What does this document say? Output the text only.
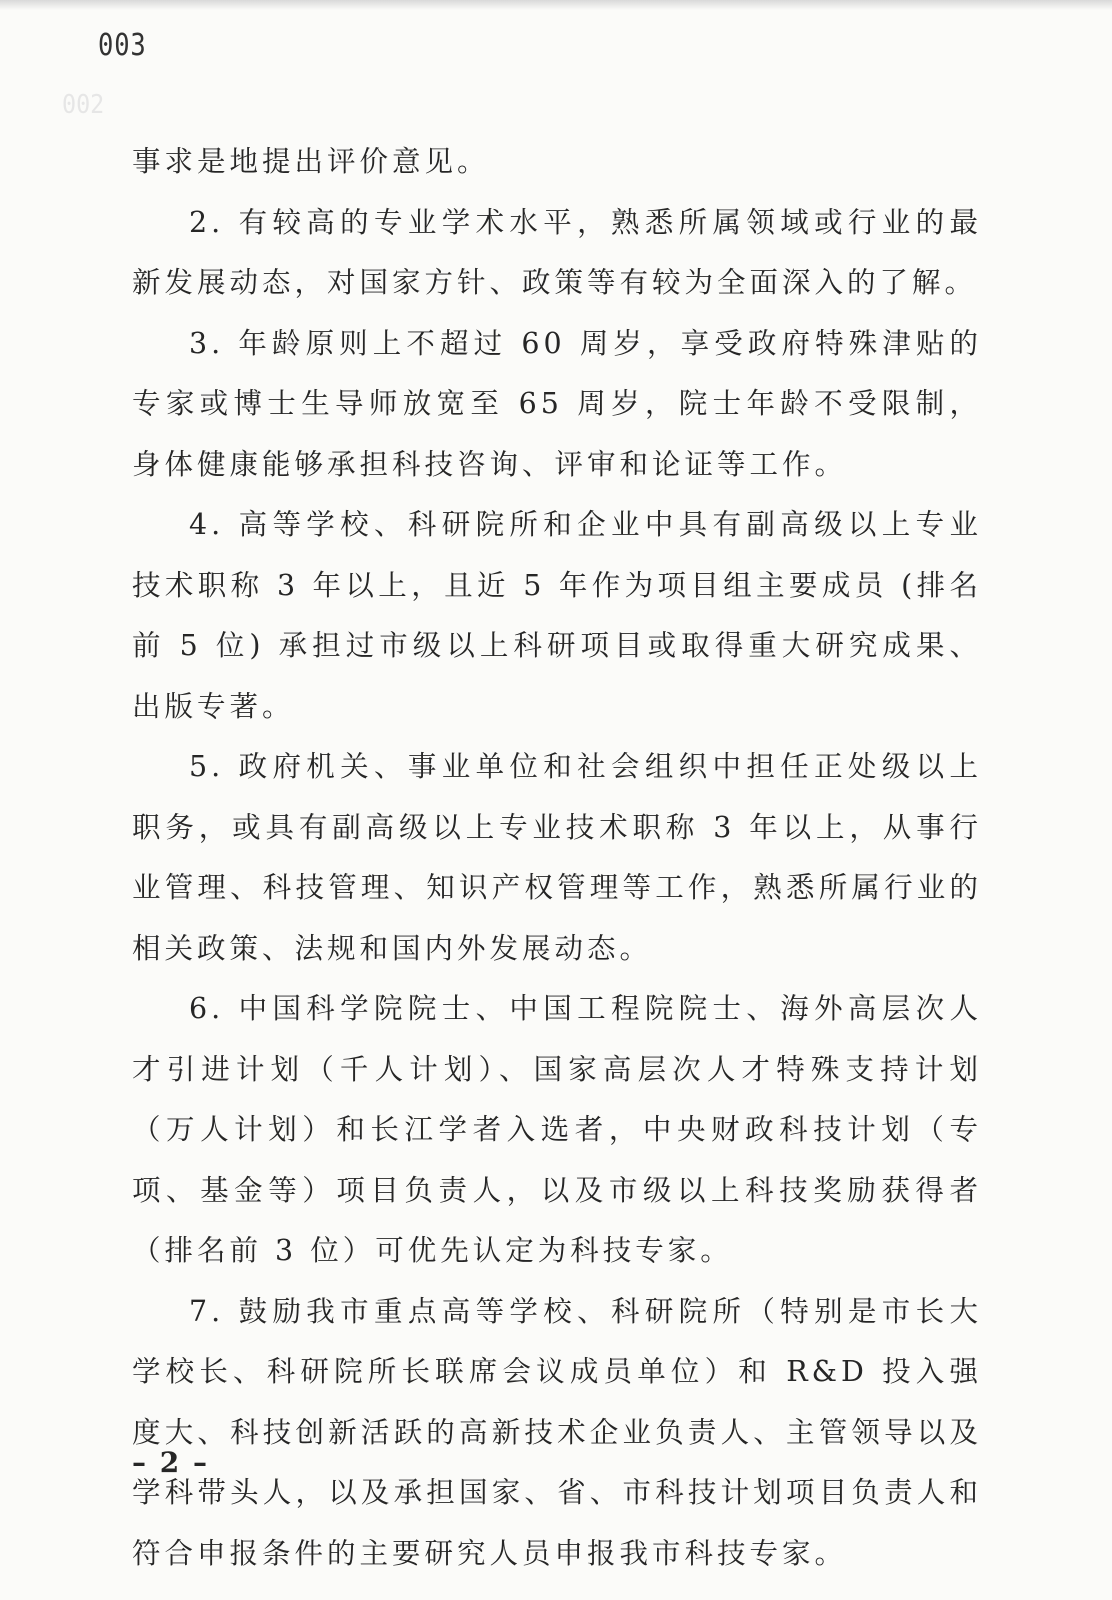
003
002

事求是地提出评价意见。

2. 有较高的专业学术水平，熟悉所属领域或行业的最新发展动态，对国家方针、政策等有较为全面深入的了解。

3. 年龄原则上不超过 60 周岁，享受政府特殊津贴的专家或博士生导师放宽至 65 周岁，院士年龄不受限制，身体健康能够承担科技咨询、评审和论证等工作。

4. 高等学校、科研院所和企业中具有副高级以上专业技术职称 3 年以上，且近 5 年作为项目组主要成员 (排名前 5 位) 承担过市级以上科研项目或取得重大研究成果、出版专著。

5. 政府机关、事业单位和社会组织中担任正处级以上职务，或具有副高级以上专业技术职称 3 年以上，从事行业管理、科技管理、知识产权管理等工作，熟悉所属行业的相关政策、法规和国内外发展动态。

6. 中国科学院院士、中国工程院院士、海外高层次人才引进计划（千人计划）、国家高层次人才特殊支持计划（万人计划）和长江学者入选者，中央财政科技计划（专项、基金等）项目负责人，以及市级以上科技奖励获得者（排名前 3 位）可优先认定为科技专家。

7. 鼓励我市重点高等学校、科研院所（特别是市长大学校长、科研院所长联席会议成员单位）和 R&D 投入强度大、科技创新活跃的高新技术企业负责人、主管领导以及学科带头人，以及承担国家、省、市科技计划项目负责人和符合申报条件的主要研究人员申报我市科技专家。

– 2 –
